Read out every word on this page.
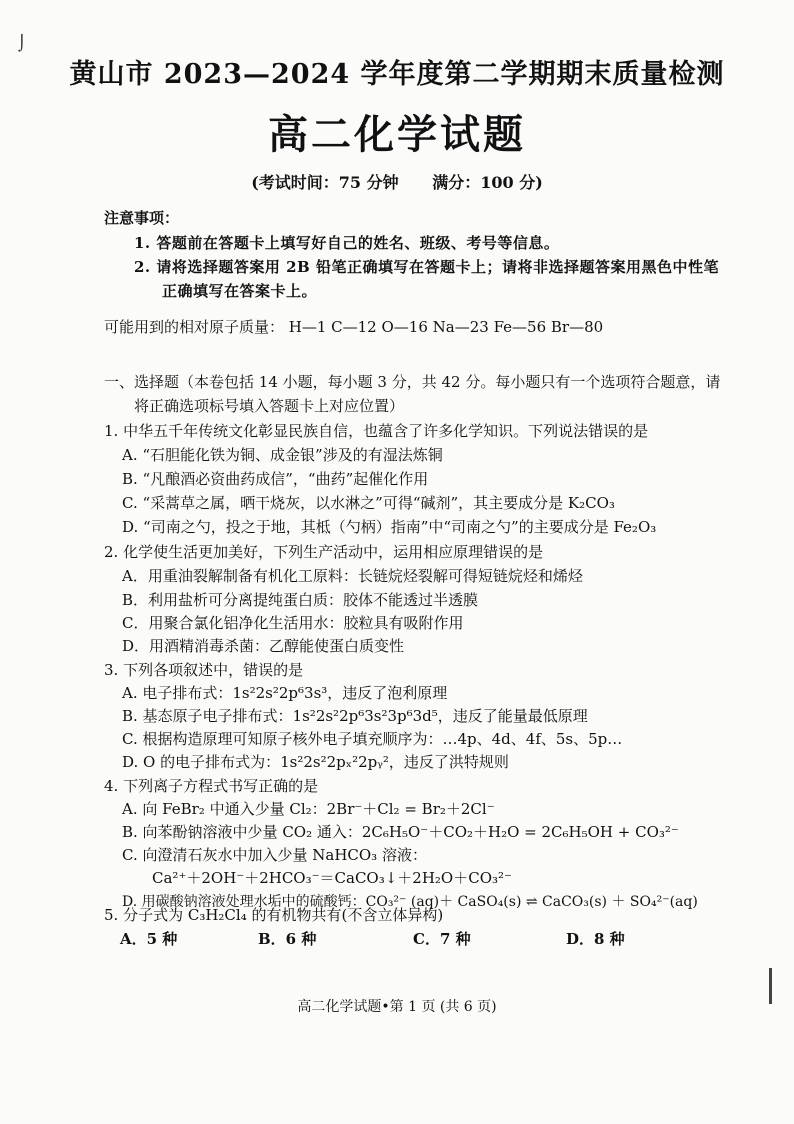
⌡
黄山市 2023—2024 学年度第二学期期末质量检测
高二化学试题
(考试时间：75 分钟 满分：100 分)
注意事项：
1. 答题前在答题卡上填写好自己的姓名、班级、考号等信息。
2. 请将选择题答案用 2B 铅笔正确填写在答题卡上；请将非选择题答案用黑色中性笔
正确填写在答案卡上。
可能用到的相对原子质量： H—1 C—12 O—16 Na—23 Fe—56 Br—80
一、选择题（本卷包括 14 小题，每小题 3 分，共 42 分。每小题只有一个选项符合题意，请
将正确选项标号填入答题卡上对应位置）
1. 中华五千年传统文化彰显民族自信，也蕴含了许多化学知识。下列说法错误的是
A. “石胆能化铁为铜、成金银”涉及的有湿法炼铜
B. “凡酿酒必资曲药成信”，“曲药”起催化作用
C. “采蒿草之属，晒干烧灰，以水淋之”可得“碱剂”，其主要成分是 K₂CO₃
D. “司南之勺，投之于地，其柢（勺柄）指南”中“司南之勺”的主要成分是 Fe₂O₃
2. 化学使生活更加美好，下列生产活动中，运用相应原理错误的是
A．用重油裂解制备有机化工原料：长链烷烃裂解可得短链烷烃和烯烃
B．利用盐析可分离提纯蛋白质：胶体不能透过半透膜
C．用聚合氯化铝净化生活用水：胶粒具有吸附作用
D．用酒精消毒杀菌：乙醇能使蛋白质变性
3. 下列各项叙述中，错误的是
A. 电子排布式：1s²2s²2p⁶3s³，违反了泡利原理
B. 基态原子电子排布式：1s²2s²2p⁶3s²3p⁶3d⁵，违反了能量最低原理
C. 根据构造原理可知原子核外电子填充顺序为：…4p、4d、4f、5s、5p…
D. O 的电子排布式为：1s²2s²2pₓ²2pᵧ²，违反了洪特规则
4. 下列离子方程式书写正确的是
A. 向 FeBr₂ 中通入少量 Cl₂：2Br⁻＋Cl₂ = Br₂＋2Cl⁻
B. 向苯酚钠溶液中少量 CO₂ 通入：2C₆H₅O⁻＋CO₂＋H₂O = 2C₆H₅OH + CO₃²⁻
C. 向澄清石灰水中加入少量 NaHCO₃ 溶液：
Ca²⁺＋2OH⁻＋2HCO₃⁻＝CaCO₃↓＋2H₂O＋CO₃²⁻
D. 用碳酸钠溶液处理水垢中的硫酸钙：CO₃²⁻ (aq)＋ CaSO₄(s) ⇌ CaCO₃(s) ＋ SO₄²⁻(aq)
5. 分子式为 C₃H₂Cl₄ 的有机物共有(不含立体异构)
A．5 种	B．6 种	C．7 种	D．8 种
高二化学试题•第 1 页 (共 6 页)
